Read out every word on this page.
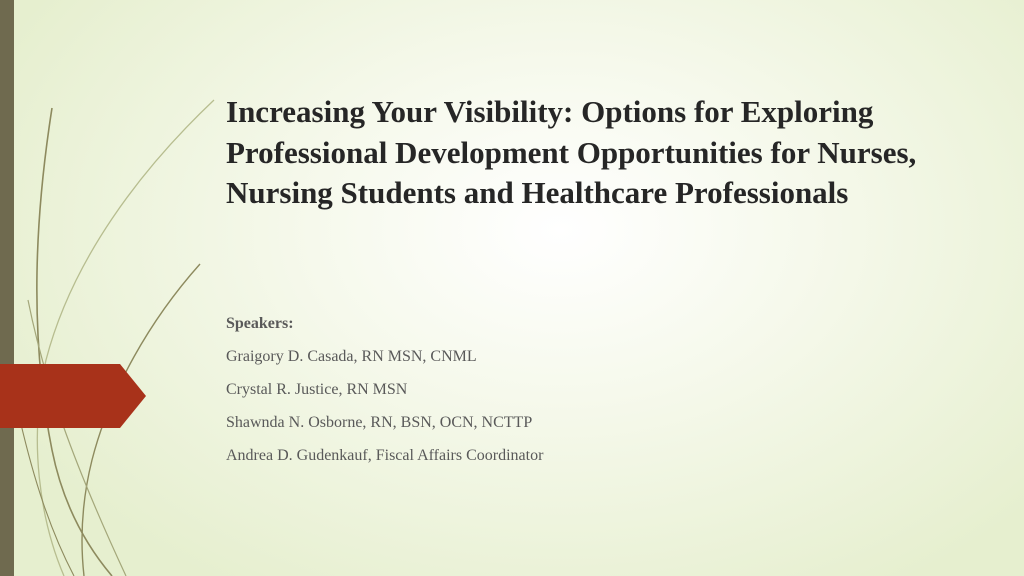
Increasing Your Visibility: Options for Exploring Professional Development Opportunities for Nurses, Nursing Students and Healthcare Professionals
Speakers:
Graigory D. Casada, RN MSN, CNML
Crystal R. Justice, RN MSN
Shawnda N. Osborne, RN, BSN, OCN, NCTTP
Andrea D. Gudenkauf, Fiscal Affairs Coordinator
